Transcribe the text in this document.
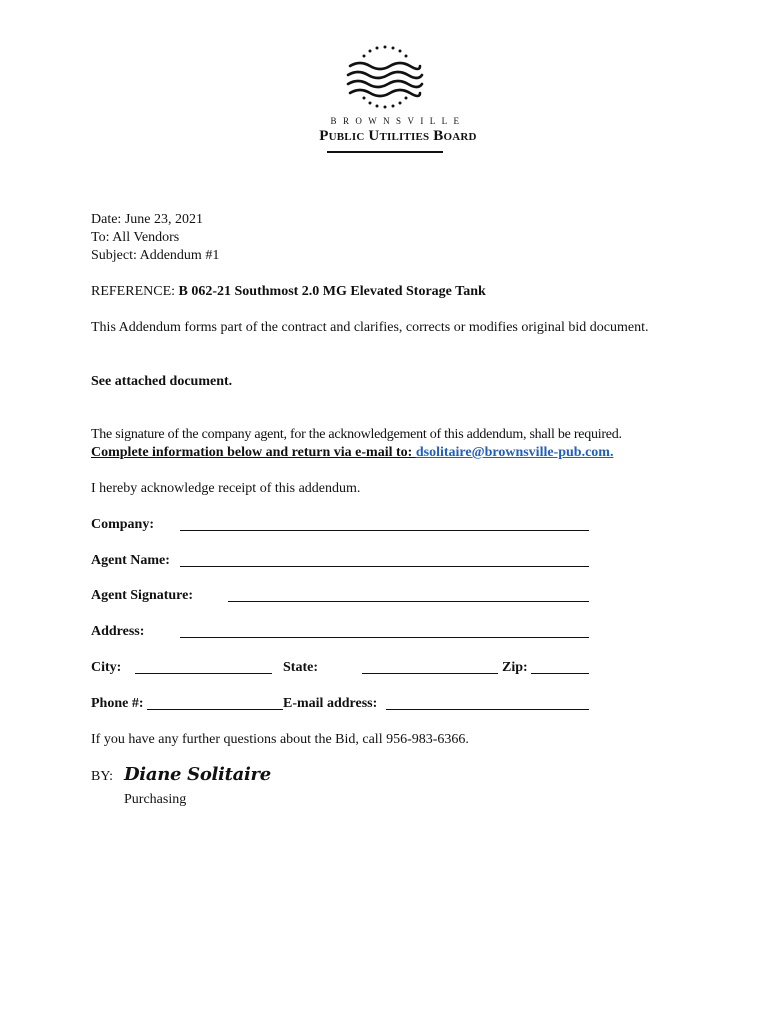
BROWNSVILLE
Public Utilities Board
Date: June 23, 2021
To: All Vendors
Subject: Addendum #1
REFERENCE: B 062-21 Southmost 2.0 MG Elevated Storage Tank
This Addendum forms part of the contract and clarifies, corrects or modifies original bid document.
See attached document.
The signature of the company agent, for the acknowledgement of this addendum, shall be required.
Complete information below and return via e-mail to: dsolitaire@brownsville-pub.com.
I hereby acknowledge receipt of this addendum.
Company:
Agent Name:
Agent Signature:
Address:
City:	State:	Zip:
Phone #:	E-mail address:
If you have any further questions about the Bid, call 956-983-6366.
BY: Diane Solitaire
Purchasing
